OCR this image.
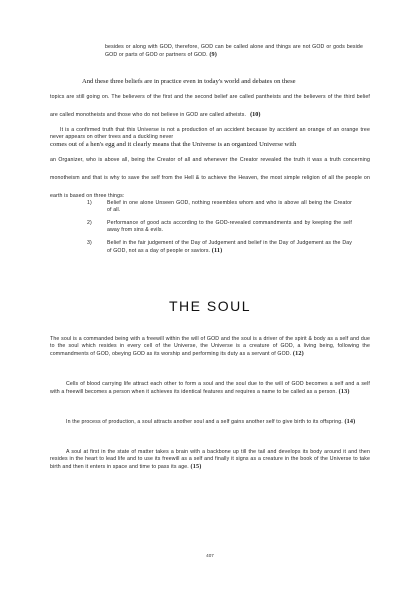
besides or along with GOD, therefore, GOD can be called alone and things are not GOD or gods beside GOD or parts of GOD or partners of GOD. (9)

And these three beliefs are in practice even in today's world and debates on these
topics are still going on. The believers of the first and the second belief are called pantheists and the believers of the third belief are called monotheists and those who do not believe in GOD are called atheists. (10)

It is a confirmed truth that this Universe is not a production of an accident because by accident an orange of an orange tree never appears on other trees and a duckling never
comes out of a hen's egg and it clearly means that the Universe is an organized Universe with
an Organizer, who is above all, being the Creator of all and whenever the Creator revealed the truth it was a truth concerning monotheism and that is why to save the self from the Hell & to achieve the Heaven, the most simple religion of all the people on earth is based on three things:

1)	Belief in one alone Unseen GOD, nothing resembles whom and who is above all being the Creator of all.
2)	Performance of good acts according to the GOD-revealed commandments and by keeping the self away from sins & evils.
3)	Belief in the fair judgement of the Day of Judgement and belief in the Day of Judgement as the Day of GOD, not as a day of people or saviors. (11)
THE SOUL

The soul is a commanded being with a freewill within the will of GOD and the soul is a driver of the spirit & body as a self and due to the soul which resides in every cell of the Universe, the Universe is a creature of GOD, a living being, following the commandments of GOD, obeying GOD as its worship and performing its duty as a servant of GOD. (12)

Cells of blood carrying life attract each other to form a soul and the soul due to the will of GOD becomes a self and a self with a freewill becomes a person when it achieves its identical features and requires a name to be called as a person. (13)

In the process of production, a soul attracts another soul and a self gains another self to give birth to its offspring. (14)

A soul at first in the state of matter takes a brain with a backbone up till the tail and develops its body around it and then resides in the heart to lead life and to use its freewill as a self and finally it signs as a creature in the book of the Universe to take birth and then it enters in space and time to pass its age. (15)

407
